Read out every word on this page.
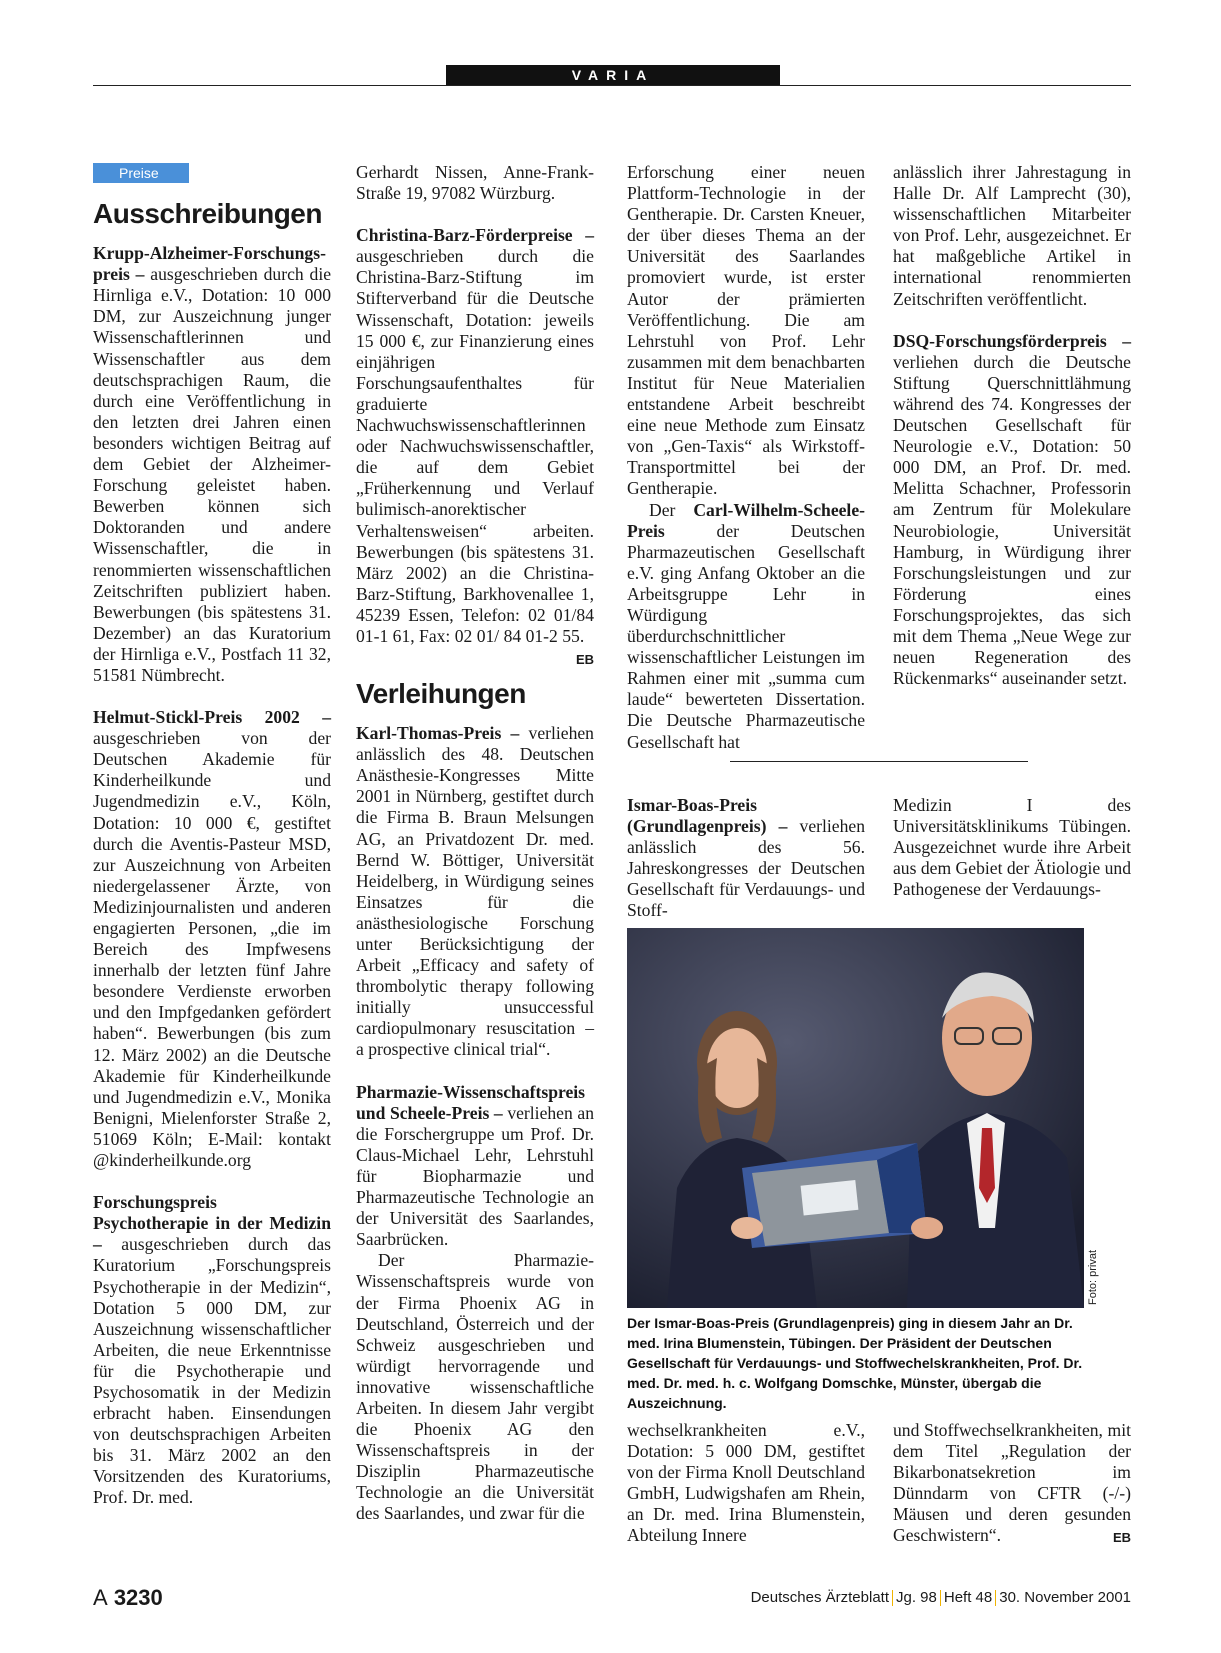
VARIA
Preise
Ausschreibungen

Krupp-Alzheimer-Forschungspreis – ausgeschrieben durch die Hirnliga e.V., Dotation: 10 000 DM, zur Auszeichnung junger Wissenschaftlerinnen und Wissenschaftler aus dem deutschsprachigen Raum, die durch eine Veröffentlichung in den letzten drei Jahren einen besonders wichtigen Beitrag auf dem Gebiet der Alzheimer-Forschung geleistet haben. Bewerben können sich Doktoranden und andere Wissenschaftler, die in renommierten wissenschaftlichen Zeitschriften publiziert haben. Bewerbungen (bis spätestens 31. Dezember) an das Kuratorium der Hirnliga e.V., Postfach 11 32, 51581 Nümbrecht.

Helmut-Stickl-Preis 2002 – ausgeschrieben von der Deutschen Akademie für Kinderheilkunde und Jugendmedizin e.V., Köln, Dotation: 10 000 €, gestiftet durch die Aventis-Pasteur MSD, zur Auszeichnung von Arbeiten niedergelassener Ärzte, von Medizinjournalisten und anderen engagierten Personen, „die im Bereich des Impfwesens innerhalb der letzten fünf Jahre besondere Verdienste erworben und den Impfgedanken gefördert haben“. Bewerbungen (bis zum 12. März 2002) an die Deutsche Akademie für Kinderheilkunde und Jugendmedizin e.V., Monika Benigni, Mielenforster Straße 2, 51069 Köln; E-Mail: kontakt @kinderheilkunde.org

Forschungspreis Psychotherapie in der Medizin – ausgeschrieben durch das Kuratorium „Forschungspreis Psychotherapie in der Medizin“, Dotation 5 000 DM, zur Auszeichnung wissenschaftlicher Arbeiten, die neue Erkenntnisse für die Psychotherapie und Psychosomatik in der Medizin erbracht haben. Einsendungen von deutschsprachigen Arbeiten bis 31. März 2002 an den Vorsitzenden des Kuratoriums, Prof. Dr. med.

Gerhardt Nissen, Anne-Frank-Straße 19, 97082 Würzburg.

Christina-Barz-Förderpreise – ausgeschrieben durch die Christina-Barz-Stiftung im Stifterverband für die Deutsche Wissenschaft, Dotation: jeweils 15 000 €, zur Finanzierung eines einjährigen Forschungsaufenthaltes für graduierte Nachwuchswissenschaftlerinnen oder Nachwuchswissenschaftler, die auf dem Gebiet „Früherkennung und Verlauf bulimisch-anorektischer Verhaltensweisen“ arbeiten. Bewerbungen (bis spätestens 31. März 2002) an die Christina-Barz-Stiftung, Barkhovenallee 1, 45239 Essen, Telefon: 02 01/84 01-1 61, Fax: 02 01/ 84 01-2 55.
EB

Verleihungen

Karl-Thomas-Preis – verliehen anlässlich des 48. Deutschen Anästhesie-Kongresses Mitte 2001 in Nürnberg, gestiftet durch die Firma B. Braun Melsungen AG, an Privatdozent Dr. med. Bernd W. Böttiger, Universität Heidelberg, in Würdigung seines Einsatzes für die anästhesiologische Forschung unter Berücksichtigung der Arbeit „Efficacy and safety of thrombolytic therapy following initially unsuccessful cardiopulmonary resuscitation – a prospective clinical trial“.

Pharmazie-Wissenschaftspreis und Scheele-Preis – verliehen an die Forschergruppe um Prof. Dr. Claus-Michael Lehr, Lehrstuhl für Biopharmazie und Pharmazeutische Technologie an der Universität des Saarlandes, Saarbrücken.

Der Pharmazie-Wissenschaftspreis wurde von der Firma Phoenix AG in Deutschland, Österreich und der Schweiz ausgeschrieben und würdigt hervorragende und innovative wissenschaftliche Arbeiten. In diesem Jahr vergibt die Phoenix AG den Wissenschaftspreis in der Disziplin Pharmazeutische Technologie an die Universität des Saarlandes, und zwar für die

Erforschung einer neuen Plattform-Technologie in der Gentherapie. Dr. Carsten Kneuer, der über dieses Thema an der Universität des Saarlandes promoviert wurde, ist erster Autor der prämierten Veröffentlichung. Die am Lehrstuhl von Prof. Lehr zusammen mit dem benachbarten Institut für Neue Materialien entstandene Arbeit beschreibt eine neue Methode zum Einsatz von „Gen-Taxis“ als Wirkstoff-Transportmittel bei der Gentherapie.

Der Carl-Wilhelm-Scheele-Preis der Deutschen Pharmazeutischen Gesellschaft e.V. ging Anfang Oktober an die Arbeitsgruppe Lehr in Würdigung überdurchschnittlicher wissenschaftlicher Leistungen im Rahmen einer mit „summa cum laude“ bewerteten Dissertation. Die Deutsche Pharmazeutische Gesellschaft hat

anlässlich ihrer Jahrestagung in Halle Dr. Alf Lamprecht (30), wissenschaftlichen Mitarbeiter von Prof. Lehr, ausgezeichnet. Er hat maßgebliche Artikel in international renommierten Zeitschriften veröffentlicht.

DSQ-Forschungsförderpreis – verliehen durch die Deutsche Stiftung Querschnittlähmung während des 74. Kongresses der Deutschen Gesellschaft für Neurologie e.V., Dotation: 50 000 DM, an Prof. Dr. med. Melitta Schachner, Professorin am Zentrum für Molekulare Neurobiologie, Universität Hamburg, in Würdigung ihrer Forschungsleistungen und zur Förderung eines Forschungsprojektes, das sich mit dem Thema „Neue Wege zur neuen Regeneration des Rückenmarks“ auseinander setzt.

Ismar-Boas-Preis (Grundlagenpreis) – verliehen anlässlich des 56. Jahreskongresses der Deutschen Gesellschaft für Verdauungs- und Stoff-

Medizin I des Universitätsklinikums Tübingen. Ausgezeichnet wurde ihre Arbeit aus dem Gebiet der Ätiologie und Pathogenese der Verdauungs-

Foto: privat
Der Ismar-Boas-Preis (Grundlagenpreis) ging in diesem Jahr an Dr. med. Irina Blumenstein, Tübingen. Der Präsident der Deutschen Gesellschaft für Verdauungs- und Stoffwechelskrankheiten, Prof. Dr. med. Dr. med. h. c. Wolfgang Domschke, Münster, übergab die Auszeichnung.

wechselkrankheiten e.V., Dotation: 5 000 DM, gestiftet von der Firma Knoll Deutschland GmbH, Ludwigshafen am Rhein, an Dr. med. Irina Blumenstein, Abteilung Innere

und Stoffwechselkrankheiten, mit dem Titel „Regulation der Bikarbonatsekretion im Dünndarm von CFTR (-/-) Mäusen und deren gesunden Geschwistern“.	EB

A 3230	Deutsches Ärzteblatt Jg. 98 Heft 48 30. November 2001
